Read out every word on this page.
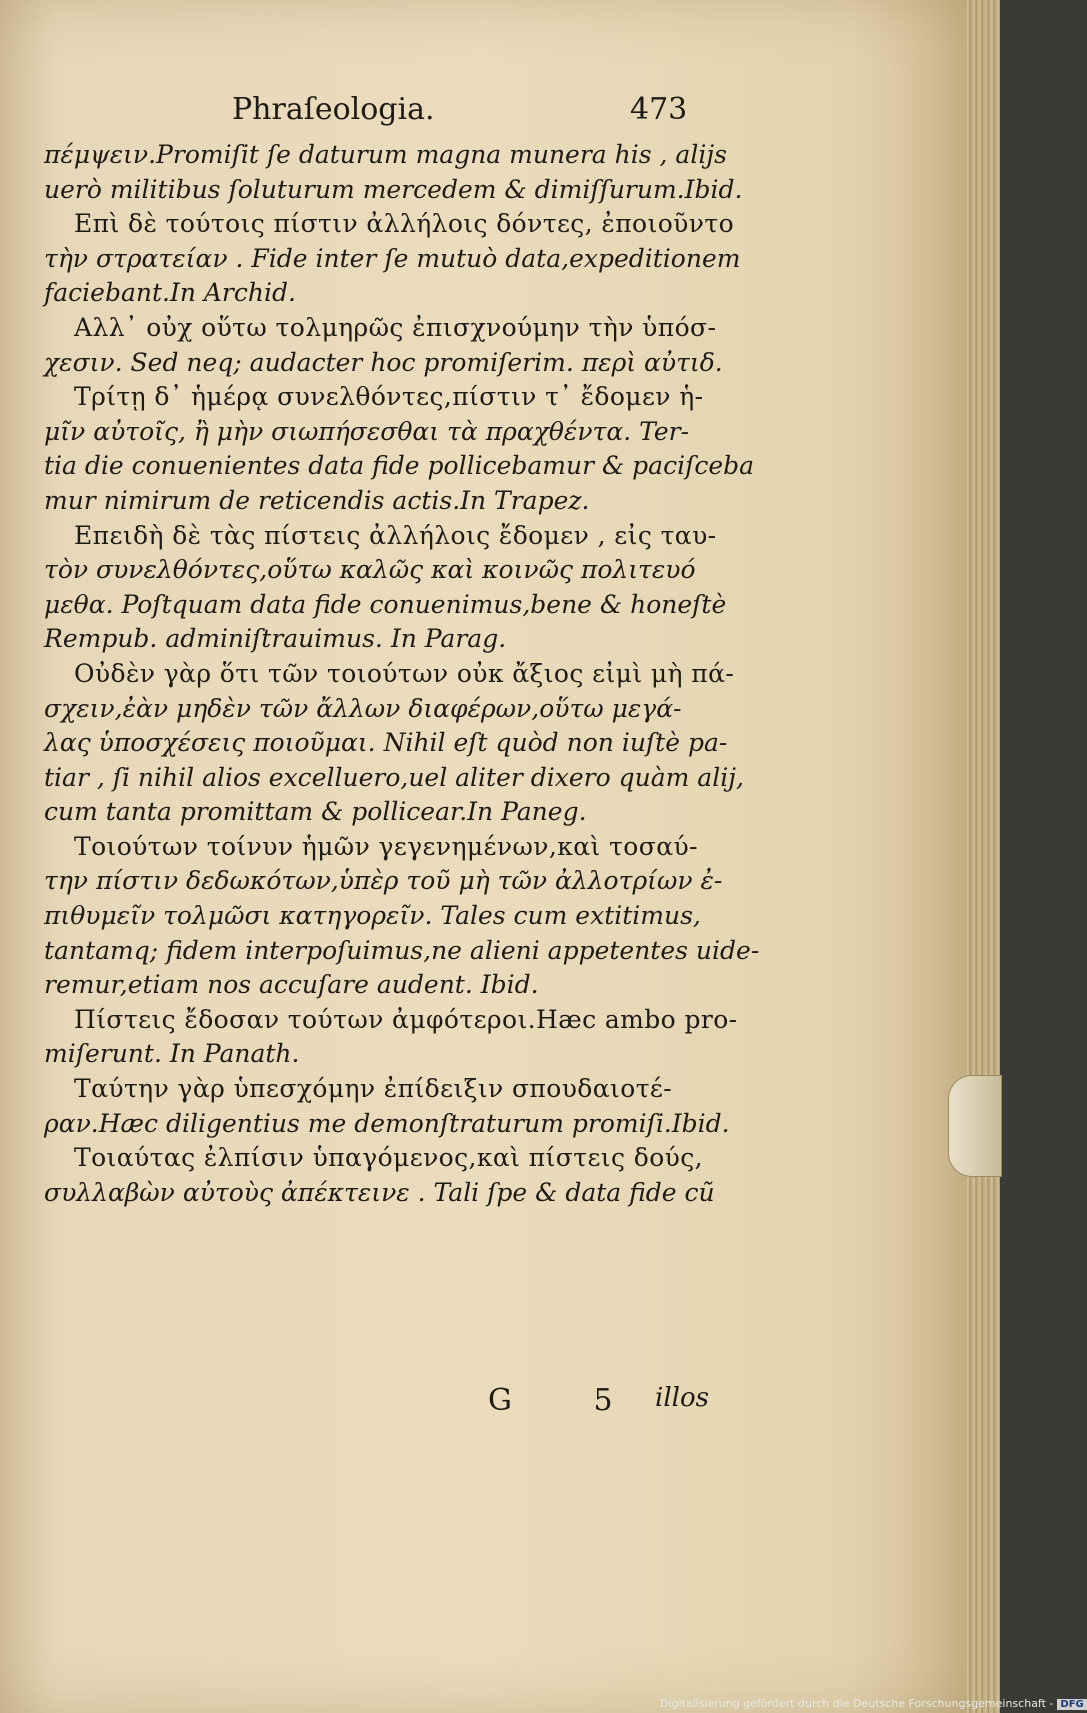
Phraſeologia.	473
πέμψειν.Promiſit ſe daturum magna munera his , aliјs
uerò militibus ſoluturum mercedem & dimiſſurum.Ibid.
Επὶ δὲ τούτοις πίστιν ἀλλήλοις δόντες, ἐποιοῦντο
τὴν στρατείαν . Fide inter ſe mutuò data,expeditionem
faciebant.In Archid.
Αλλ᾽ οὐχ οὕτω τολμηρῶς ἐπισχνούμην τὴν ὑπόσ-
χεσιν. Sed neq; audacter hoc promiſerim. περὶ αὐτιδ.
Τρίτῃ δ᾽ ἡμέρᾳ συνελθόντες,πίστιν τ᾽ ἔδομεν ἡ-
μῖν αὐτοῖς, ἢ μὴν σιωπήσεσθαι τὰ πραχθέντα. Ter-
tia die conuenientes data fide pollicebamur & paciſceba
mur nimirum de reticendis actis.In Trapez.
Επειδὴ δὲ τὰς πίστεις ἀλλήλοις ἔδομεν , εἰς ταυ-
τὸν συνελθόντες,οὕτω καλῶς καὶ κοινῶς πολιτευό
μεθα. Poſtquam data fide conuenimus,bene & honeſtè
Rempub. adminiſtrauimus. In Parag.
Οὐδὲν γὰρ ὅτι τῶν τοιούτων οὐκ ἄξιος εἰμὶ μὴ πά-
σχειν,ἐὰν μηδὲν τῶν ἄλλων διαφέρων,οὕτω μεγά-
λας ὑποσχέσεις ποιοῦμαι. Nihil eſt quòd non iuſtè pa-
tiar , ſi nihil alios excelluero,uel aliter dixero quàm aliј,
cum tanta promittam & pollicear.In Paneg.
Τοιούτων τοίνυν ἡμῶν γεγενημένων,καὶ τοσαύ-
την πίστιν δεδωκότων,ὑπὲρ τοῦ μὴ τῶν ἀλλοτρίων ἐ-
πιθυμεῖν τολμῶσι κατηγορεῖν. Tales cum extitimus,
tantamq; fidem interpoſuimus,ne alieni appetentes uide-
remur,etiam nos accuſare audent. Ibid.
Πίστεις ἔδοσαν τούτων ἀμφότεροι.Hæc ambo pro-
miſerunt. In Panath.
Ταύτην γὰρ ὑπεσχόμην ἐπίδειξιν σπουδαιοτέ-
ραν.Hæc diligentius me demonſtraturum promiſi.Ibid.
Τοιαύτας ἐλπίσιν ὑπαγόμενος,καὶ πίστεις δούς,
συλλαβὼν αὐτοὺς ἀπέκτεινε . Tali ſpe & data fide cũ
G 5 illos
Digitalisierung gefördert durch die Deutsche Forschungsgemeinschaft - DFG
